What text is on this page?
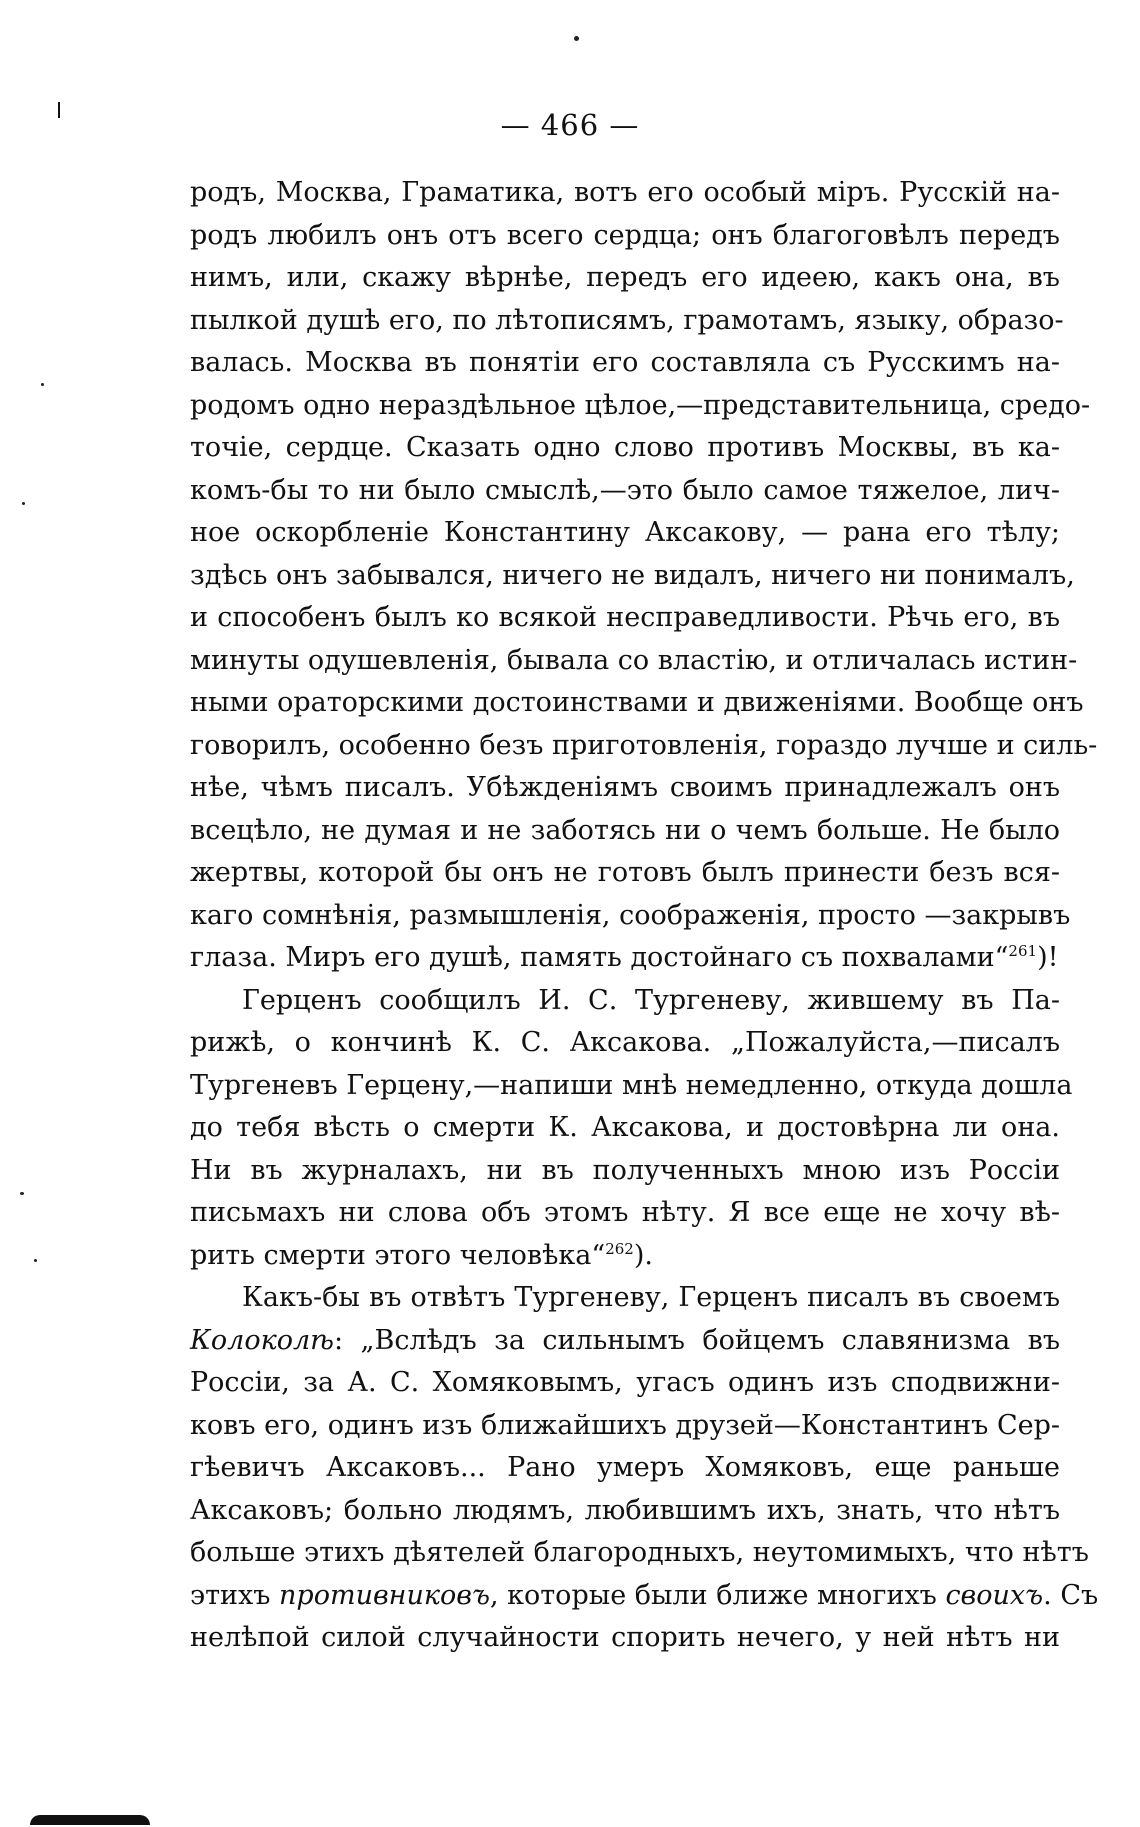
— 466 —
родъ, Москва, Граматика, вотъ его особый міръ. Русскій на-
родъ любилъ онъ отъ всего сердца; онъ благоговѣлъ передъ
нимъ, или, скажу вѣрнѣе, передъ его идеею, какъ она, въ
пылкой душѣ его, по лѣтописямъ, грамотамъ, языку, образо-
валась. Москва въ понятіи его составляла съ Русскимъ на-
родомъ одно нераздѣльное цѣлое,—представительница, средо-
точіе, сердце. Сказать одно слово противъ Москвы, въ ка-
комъ-бы то ни было смыслѣ,—это было самое тяжелое, лич-
ное оскорбленіе Константину Аксакову, — рана его тѣлу;
здѣсь онъ забывался, ничего не видалъ, ничего ни понималъ,
и способенъ былъ ко всякой несправедливости. Рѣчь его, въ
минуты одушевленія, бывала со властію, и отличалась истин-
ными ораторскими достоинствами и движеніями. Вообще онъ
говорилъ, особенно безъ приготовленія, гораздо лучше и силь-
нѣе, чѣмъ писалъ. Убѣжденіямъ своимъ принадлежалъ онъ
всецѣло, не думая и не заботясь ни о чемъ больше. Не было
жертвы, которой бы онъ не готовъ былъ принести безъ вся-
каго сомнѣнія, размышленія, соображенія, просто —закрывъ
глаза. Миръ его душѣ, память достойнаго съ похвалами“$^{261}$)!
Герценъ сообщилъ И. С. Тургеневу, жившему въ Па-
рижѣ, о кончинѣ К. С. Аксакова. „Пожалуйста,—писалъ
Тургеневъ Герцену,—напиши мнѣ немедленно, откуда дошла
до тебя вѣсть о смерти К. Аксакова, и достовѣрна ли она.
Ни въ журналахъ, ни въ полученныхъ мною изъ Россіи
письмахъ ни слова объ этомъ нѣту. Я все еще не хочу вѣ-
рить смерти этого человѣка“$^{262}$).
Какъ-бы въ отвѣтъ Тургеневу, Герценъ писалъ въ своемъ
Колоколѣ: „Вслѣдъ за сильнымъ бойцемъ славянизма въ
Россіи, за А. С. Хомяковымъ, угасъ одинъ изъ сподвижни-
ковъ его, одинъ изъ ближайшихъ друзей—Константинъ Сер-
гѣевичъ Аксаковъ... Рано умеръ Хомяковъ, еще раньше
Аксаковъ; больно людямъ, любившимъ ихъ, знать, что нѣтъ
больше этихъ дѣятелей благородныхъ, неутомимыхъ, что нѣтъ
этихъ противниковъ, которые были ближе многихъ своихъ. Съ
нелѣпой силой случайности спорить нечего, у ней нѣтъ ни
